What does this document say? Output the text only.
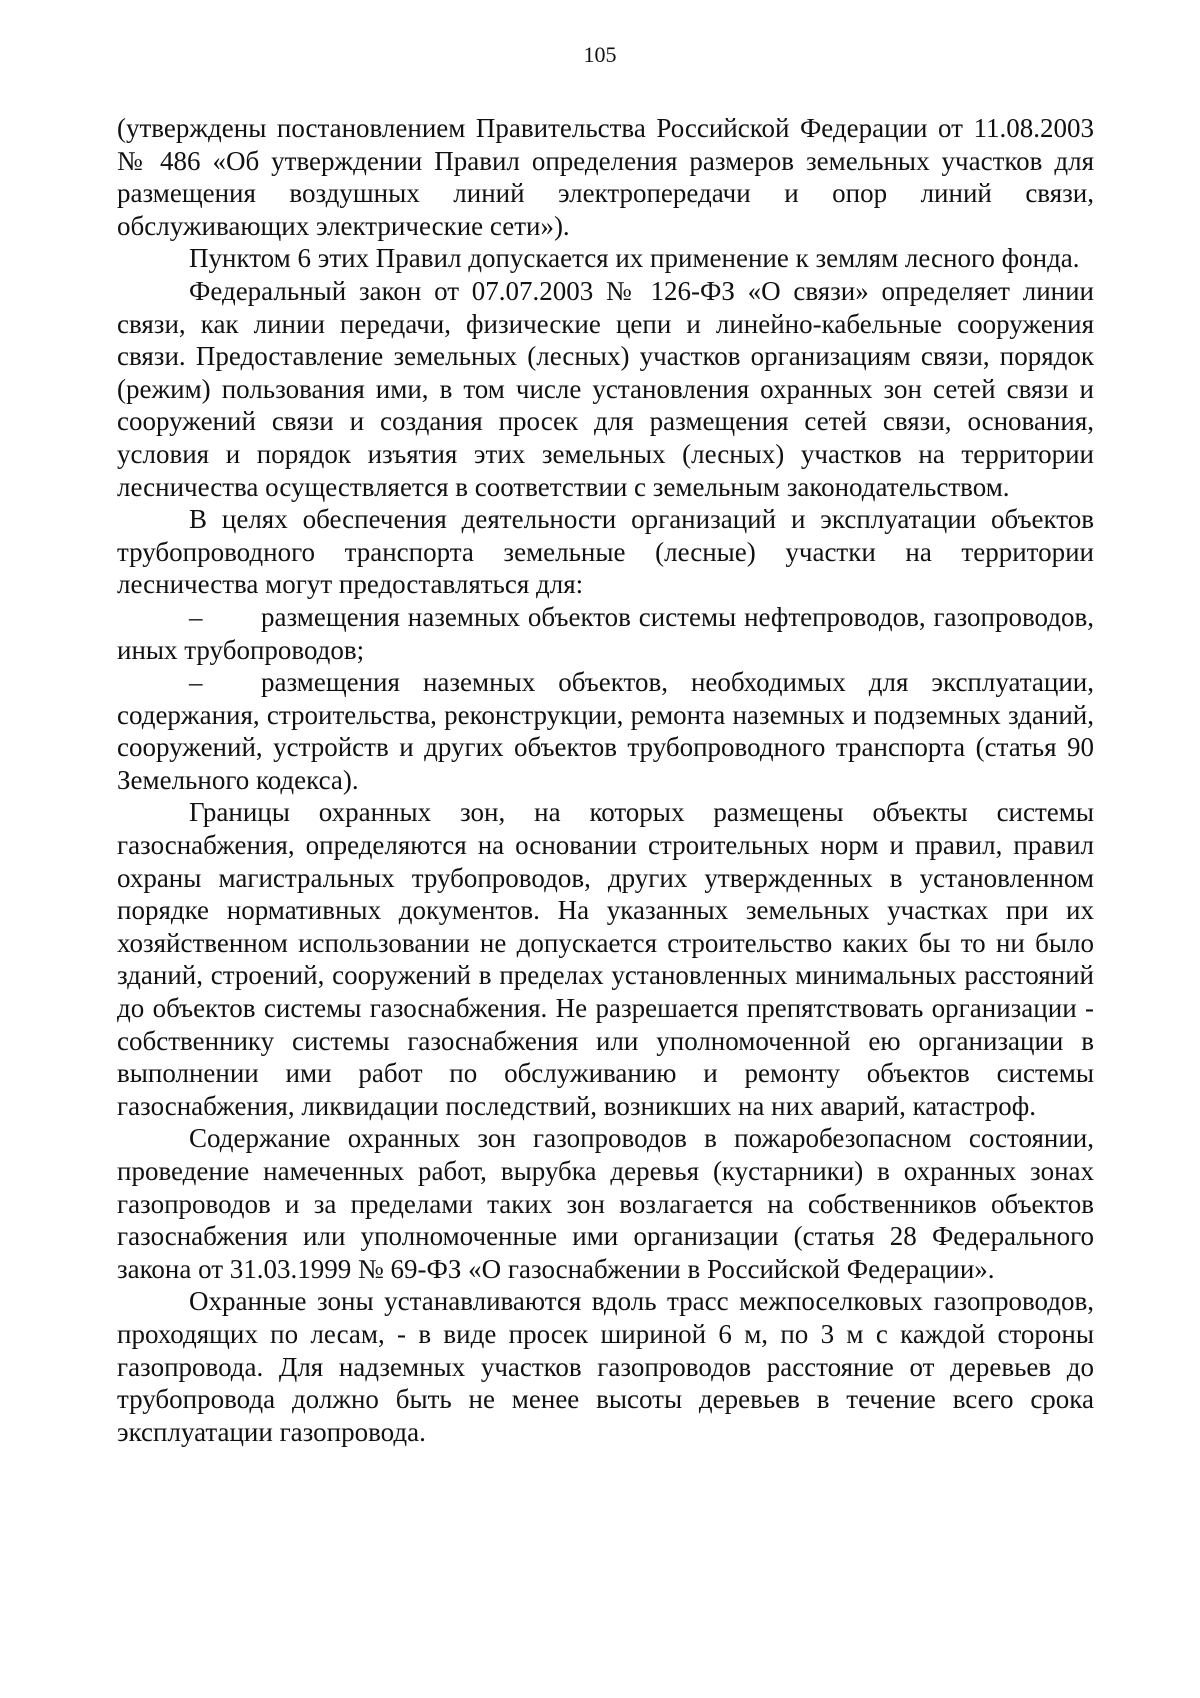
105

(утверждены постановлением Правительства Российской Федерации от 11.08.2003 № 486 «Об утверждении Правил определения размеров земельных участков для размещения воздушных линий электропередачи и опор линий связи, обслуживающих электрические сети»).

Пунктом 6 этих Правил допускается их применение к землям лесного фонда.

Федеральный закон от 07.07.2003 № 126-ФЗ «О связи» определяет линии связи, как линии передачи, физические цепи и линейно-кабельные сооружения связи. Предоставление земельных (лесных) участков организациям связи, порядок (режим) пользования ими, в том числе установления охранных зон сетей связи и сооружений связи и создания просек для размещения сетей связи, основания, условия и порядок изъятия этих земельных (лесных) участков на территории лесничества осуществляется в соответствии с земельным законодательством.

В целях обеспечения деятельности организаций и эксплуатации объектов трубопроводного транспорта земельные (лесные) участки на территории лесничества могут предоставляться для:

– размещения наземных объектов системы нефтепроводов, газопроводов, иных трубопроводов;

– размещения наземных объектов, необходимых для эксплуатации, содержания, строительства, реконструкции, ремонта наземных и подземных зданий, сооружений, устройств и других объектов трубопроводного транспорта (статья 90 Земельного кодекса).

Границы охранных зон, на которых размещены объекты системы газоснабжения, определяются на основании строительных норм и правил, правил охраны магистральных трубопроводов, других утвержденных в установленном порядке нормативных документов. На указанных земельных участках при их хозяйственном использовании не допускается строительство каких бы то ни было зданий, строений, сооружений в пределах установленных минимальных расстояний до объектов системы газоснабжения. Не разрешается препятствовать организации - собственнику системы газоснабжения или уполномоченной ею организации в выполнении ими работ по обслуживанию и ремонту объектов системы газоснабжения, ликвидации последствий, возникших на них аварий, катастроф.

Содержание охранных зон газопроводов в пожаробезопасном состоянии, проведение намеченных работ, вырубка деревья (кустарники) в охранных зонах газопроводов и за пределами таких зон возлагается на собственников объектов газоснабжения или уполномоченные ими организации (статья 28 Федерального закона от 31.03.1999 № 69-ФЗ «О газоснабжении в Российской Федерации».

Охранные зоны устанавливаются вдоль трасс межпоселковых газопроводов, проходящих по лесам, - в виде просек шириной 6 м, по 3 м с каждой стороны газопровода. Для надземных участков газопроводов расстояние от деревьев до трубопровода должно быть не менее высоты деревьев в течение всего срока эксплуатации газопровода.
